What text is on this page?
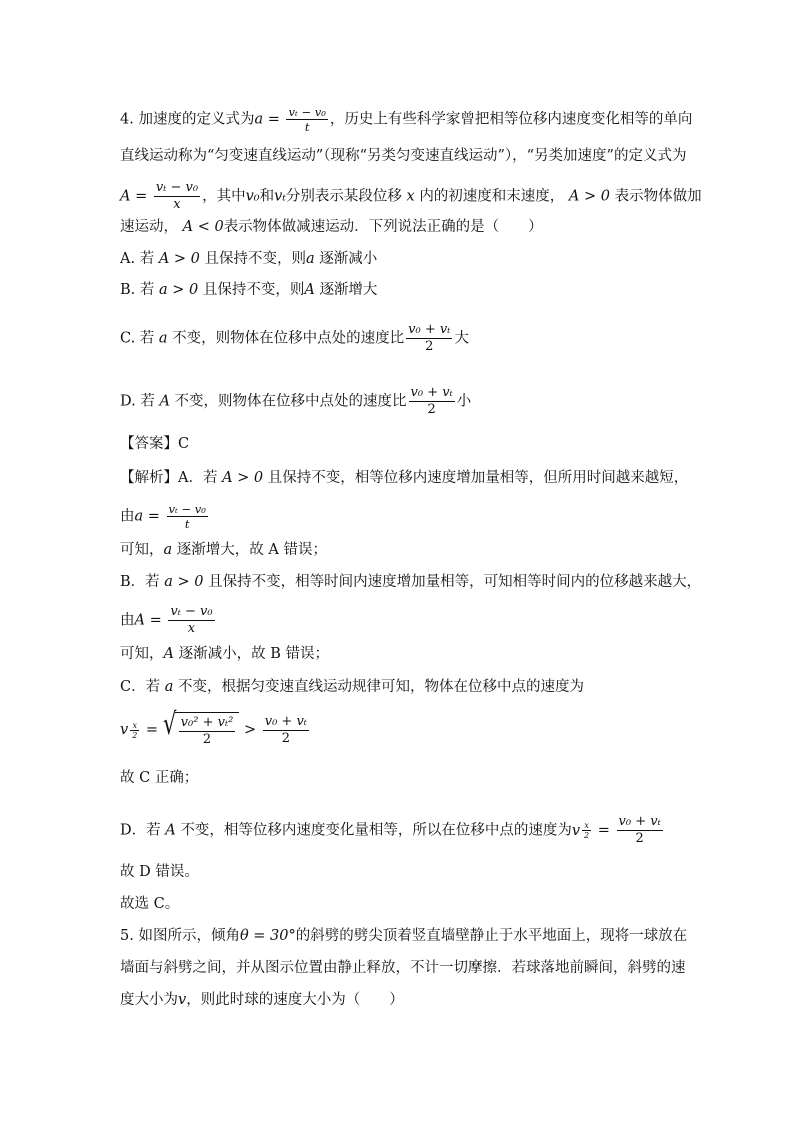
4. 加速度的定义式为$a = \frac{\text{vₜ − v₀}}{t}$ ，历史上有些科学家曾把相等位移内速度变化相等的单向
直线运动称为“匀变速直线运动”（现称“另类匀变速直线运动”），“另类加速度”的定义式为
$A = \frac{\text{vₜ − v₀}}{x}$ ，其中v₀和vₜ分别表示某段位移 x 内的初速度和末速度， A > 0 表示物体做加
速运动， A < 0表示物体做减速运动．下列说法正确的是（　　）
A. 若 A > 0 且保持不变，则a 逐渐减小
B. 若 a > 0 且保持不变，则A 逐渐增大
C. 若 a 不变，则物体在位移中点处的速度比 $\frac{\text{v₀ + vₜ}}{2}$ 大
D. 若 A 不变，则物体在位移中点处的速度比 $\frac{\text{v₀ + vₜ}}{2}$ 小
【答案】C
【解析】A．若 A > 0 且保持不变，相等位移内速度增加量相等，但所用时间越来越短，
由$a = \frac{\text{vₜ − v₀}}{t}$
可知，a 逐渐增大，故 A 错误；
B．若 a > 0 且保持不变，相等时间内速度增加量相等，可知相等时间内的位移越来越大，
由$A = \frac{\text{vₜ − v₀}}{x}$
可知，A 逐渐减小，故 B 错误；
C．若 a 不变，根据匀变速直线运动规律可知，物体在位移中点的速度为
v $\frac{x}{2}$ = √ $\frac{\text{v₀² + vₜ²}}{2} > \frac{\text{v₀ + vₜ}}{2}$
故 C 正确；
D．若 A 不变，相等位移内速度变化量相等，所以在位移中点的速度为v $\frac{x}{2} = \frac{\text{v₀ + vₜ}}{2}$
故 D 错误。
故选 C。
5. 如图所示，倾角θ = 30°的斜劈的劈尖顶着竖直墙壁静止于水平地面上，现将一球放在
墙面与斜劈之间，并从图示位置由静止释放，不计一切摩擦．若球落地前瞬间，斜劈的速
度大小为v，则此时球的速度大小为（　　）
